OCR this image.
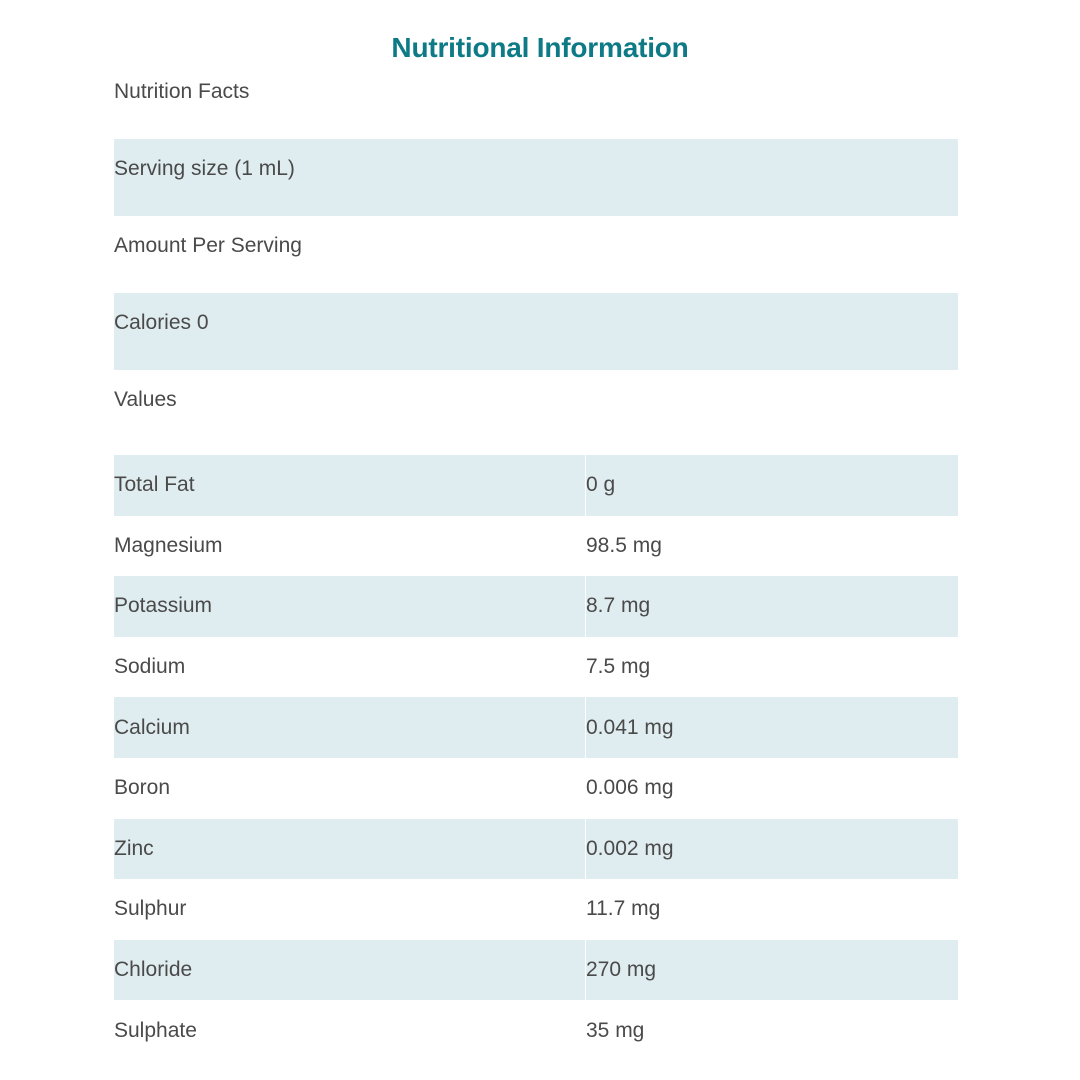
Nutritional Information
Nutrition Facts
Serving size (1 mL)
Amount Per Serving
Calories 0
Values
Total Fat	0 g
Magnesium	98.5 mg
Potassium	8.7 mg
Sodium	7.5 mg
Calcium	0.041 mg
Boron	0.006 mg
Zinc	0.002 mg
Sulphur	11.7 mg
Chloride	270 mg
Sulphate	35 mg
